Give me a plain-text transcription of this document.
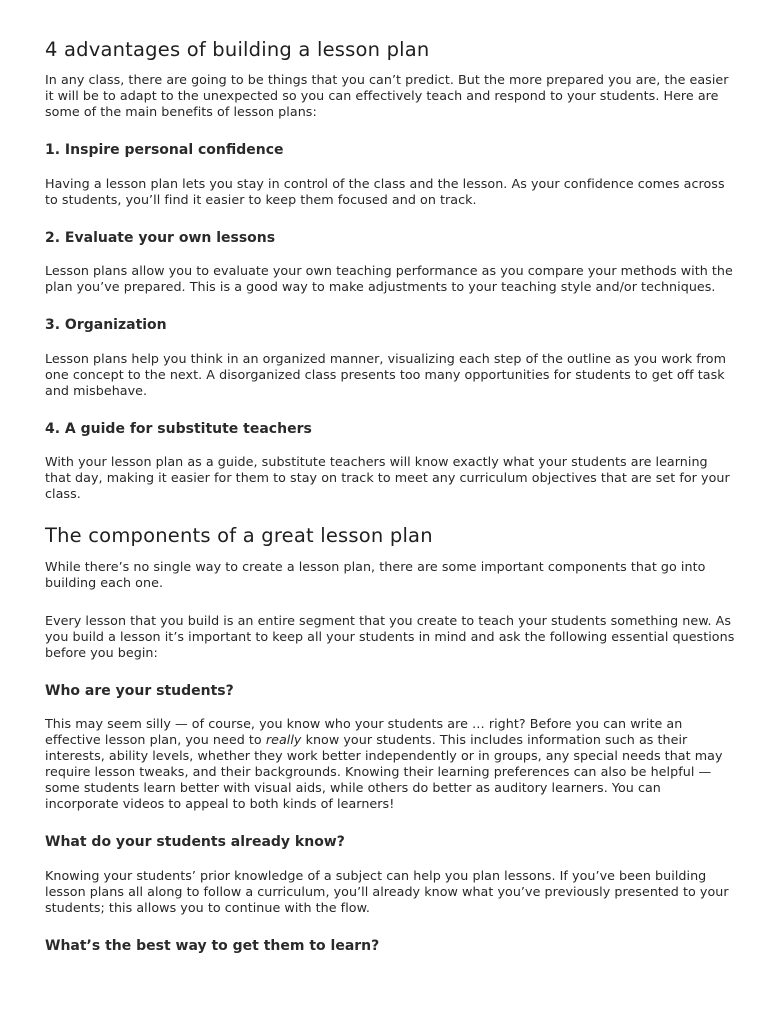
4 advantages of building a lesson plan

In any class, there are going to be things that you can’t predict. But the more prepared you are, the easier it will be to adapt to the unexpected so you can effectively teach and respond to your students. Here are some of the main benefits of lesson plans:

1. Inspire personal confidence

Having a lesson plan lets you stay in control of the class and the lesson. As your confidence comes across to students, you’ll find it easier to keep them focused and on track.

2. Evaluate your own lessons

Lesson plans allow you to evaluate your own teaching performance as you compare your methods with the plan you’ve prepared. This is a good way to make adjustments to your teaching style and/or techniques.

3. Organization

Lesson plans help you think in an organized manner, visualizing each step of the outline as you work from one concept to the next. A disorganized class presents too many opportunities for students to get off task and misbehave.

4. A guide for substitute teachers

With your lesson plan as a guide, substitute teachers will know exactly what your students are learning that day, making it easier for them to stay on track to meet any curriculum objectives that are set for your class.

The components of a great lesson plan

While there’s no single way to create a lesson plan, there are some important components that go into building each one.

Every lesson that you build is an entire segment that you create to teach your students something new. As you build a lesson it’s important to keep all your students in mind and ask the following essential questions before you begin:

Who are your students?

This may seem silly — of course, you know who your students are … right? Before you can write an effective lesson plan, you need to really know your students. This includes information such as their interests, ability levels, whether they work better independently or in groups, any special needs that may require lesson tweaks, and their backgrounds. Knowing their learning preferences can also be helpful — some students learn better with visual aids, while others do better as auditory learners. You can incorporate videos to appeal to both kinds of learners!

What do your students already know?

Knowing your students’ prior knowledge of a subject can help you plan lessons. If you’ve been building lesson plans all along to follow a curriculum, you’ll already know what you’ve previously presented to your students; this allows you to continue with the flow.

What’s the best way to get them to learn?
